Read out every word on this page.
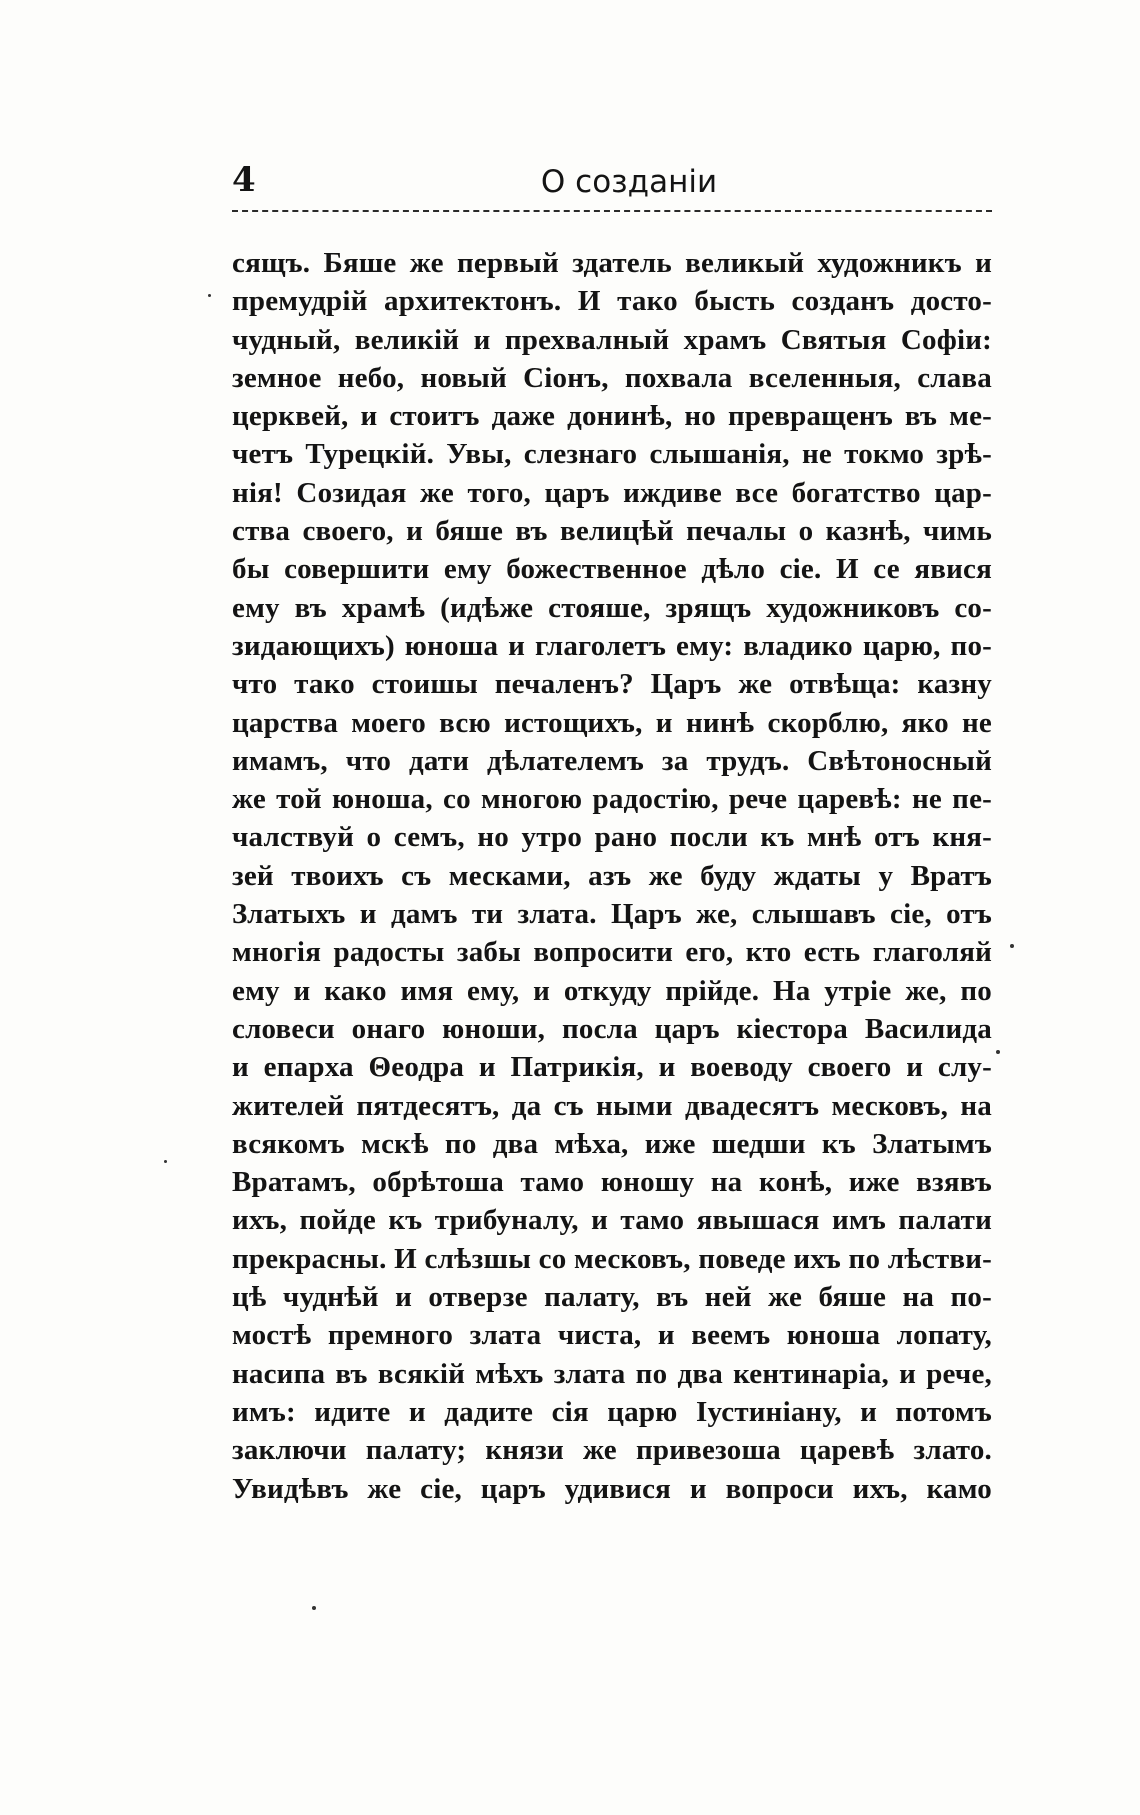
4	О созданіи
сящъ. Бяше же первый здатель великый художникъ и
премудрій архитектонъ. И тако бысть созданъ досто-
чудный, великій и прехвалный храмъ Святыя Софіи:
земное небо, новый Сіонъ, похвала вселенныя, слава
церквей, и стоитъ даже донинѣ, но превращенъ въ ме-
четъ Турецкій. Увы, слезнаго слышанія, не токмо зрѣ-
нія! Созидая же того, царъ иждиве все богатство цар-
ства своего, и бяше въ велицѣй печалы о казнѣ, чимь
бы совершити ему божественное дѣло сіе. И се явися
ему въ храмѣ (идѣже стояше, зрящъ художниковъ со-
зидающихъ) юноша и глаголетъ ему: владико царю, по-
что тако стоишы печаленъ? Царъ же отвѣща: казну
царства моего всю истощихъ, и нинѣ скорблю, яко не
имамъ, что дати дѣлателемъ за трудъ. Свѣтоносный
же той юноша, со многою радостію, рече царевѣ: не пе-
чалствуй о семъ, но утро рано посли къ мнѣ отъ кня-
зей твоихъ съ месками, азъ же буду ждаты у Вратъ
Златыхъ и дамъ ти злата. Царъ же, слышавъ сіе, отъ
многія радосты забы вопросити его, кто есть глаголяй
ему и како имя ему, и откуду прійде. На утріе же, по
словеси онаго юноши, посла царъ кіестора Василида
и епарха Θеодра и Патрикія, и воеводу своего и слу-
жителей пятдесятъ, да съ ными двадесятъ месковъ, на
всякомъ мскѣ по два мѣха, иже шедши къ Златымъ
Вратамъ, обрѣтоша тамо юношу на конѣ, иже взявъ
ихъ, пойде къ трибуналу, и тамо явышася имъ палати
прекрасны. И слѣзшы со месковъ, поведе ихъ по лѣстви-
цѣ чуднѣй и отверзе палату, въ ней же бяше на по-
мостѣ премного злата чиста, и веемъ юноша лопату,
насипа въ всякій мѣхъ злата по два кентинаріа, и рече,
имъ: идите и дадите сія царю Іустиніану, и потомъ
заключи палату; князи же привезоша царевѣ злато.
Увидѣвъ же сіе, царъ удивися и вопроси ихъ, камо
